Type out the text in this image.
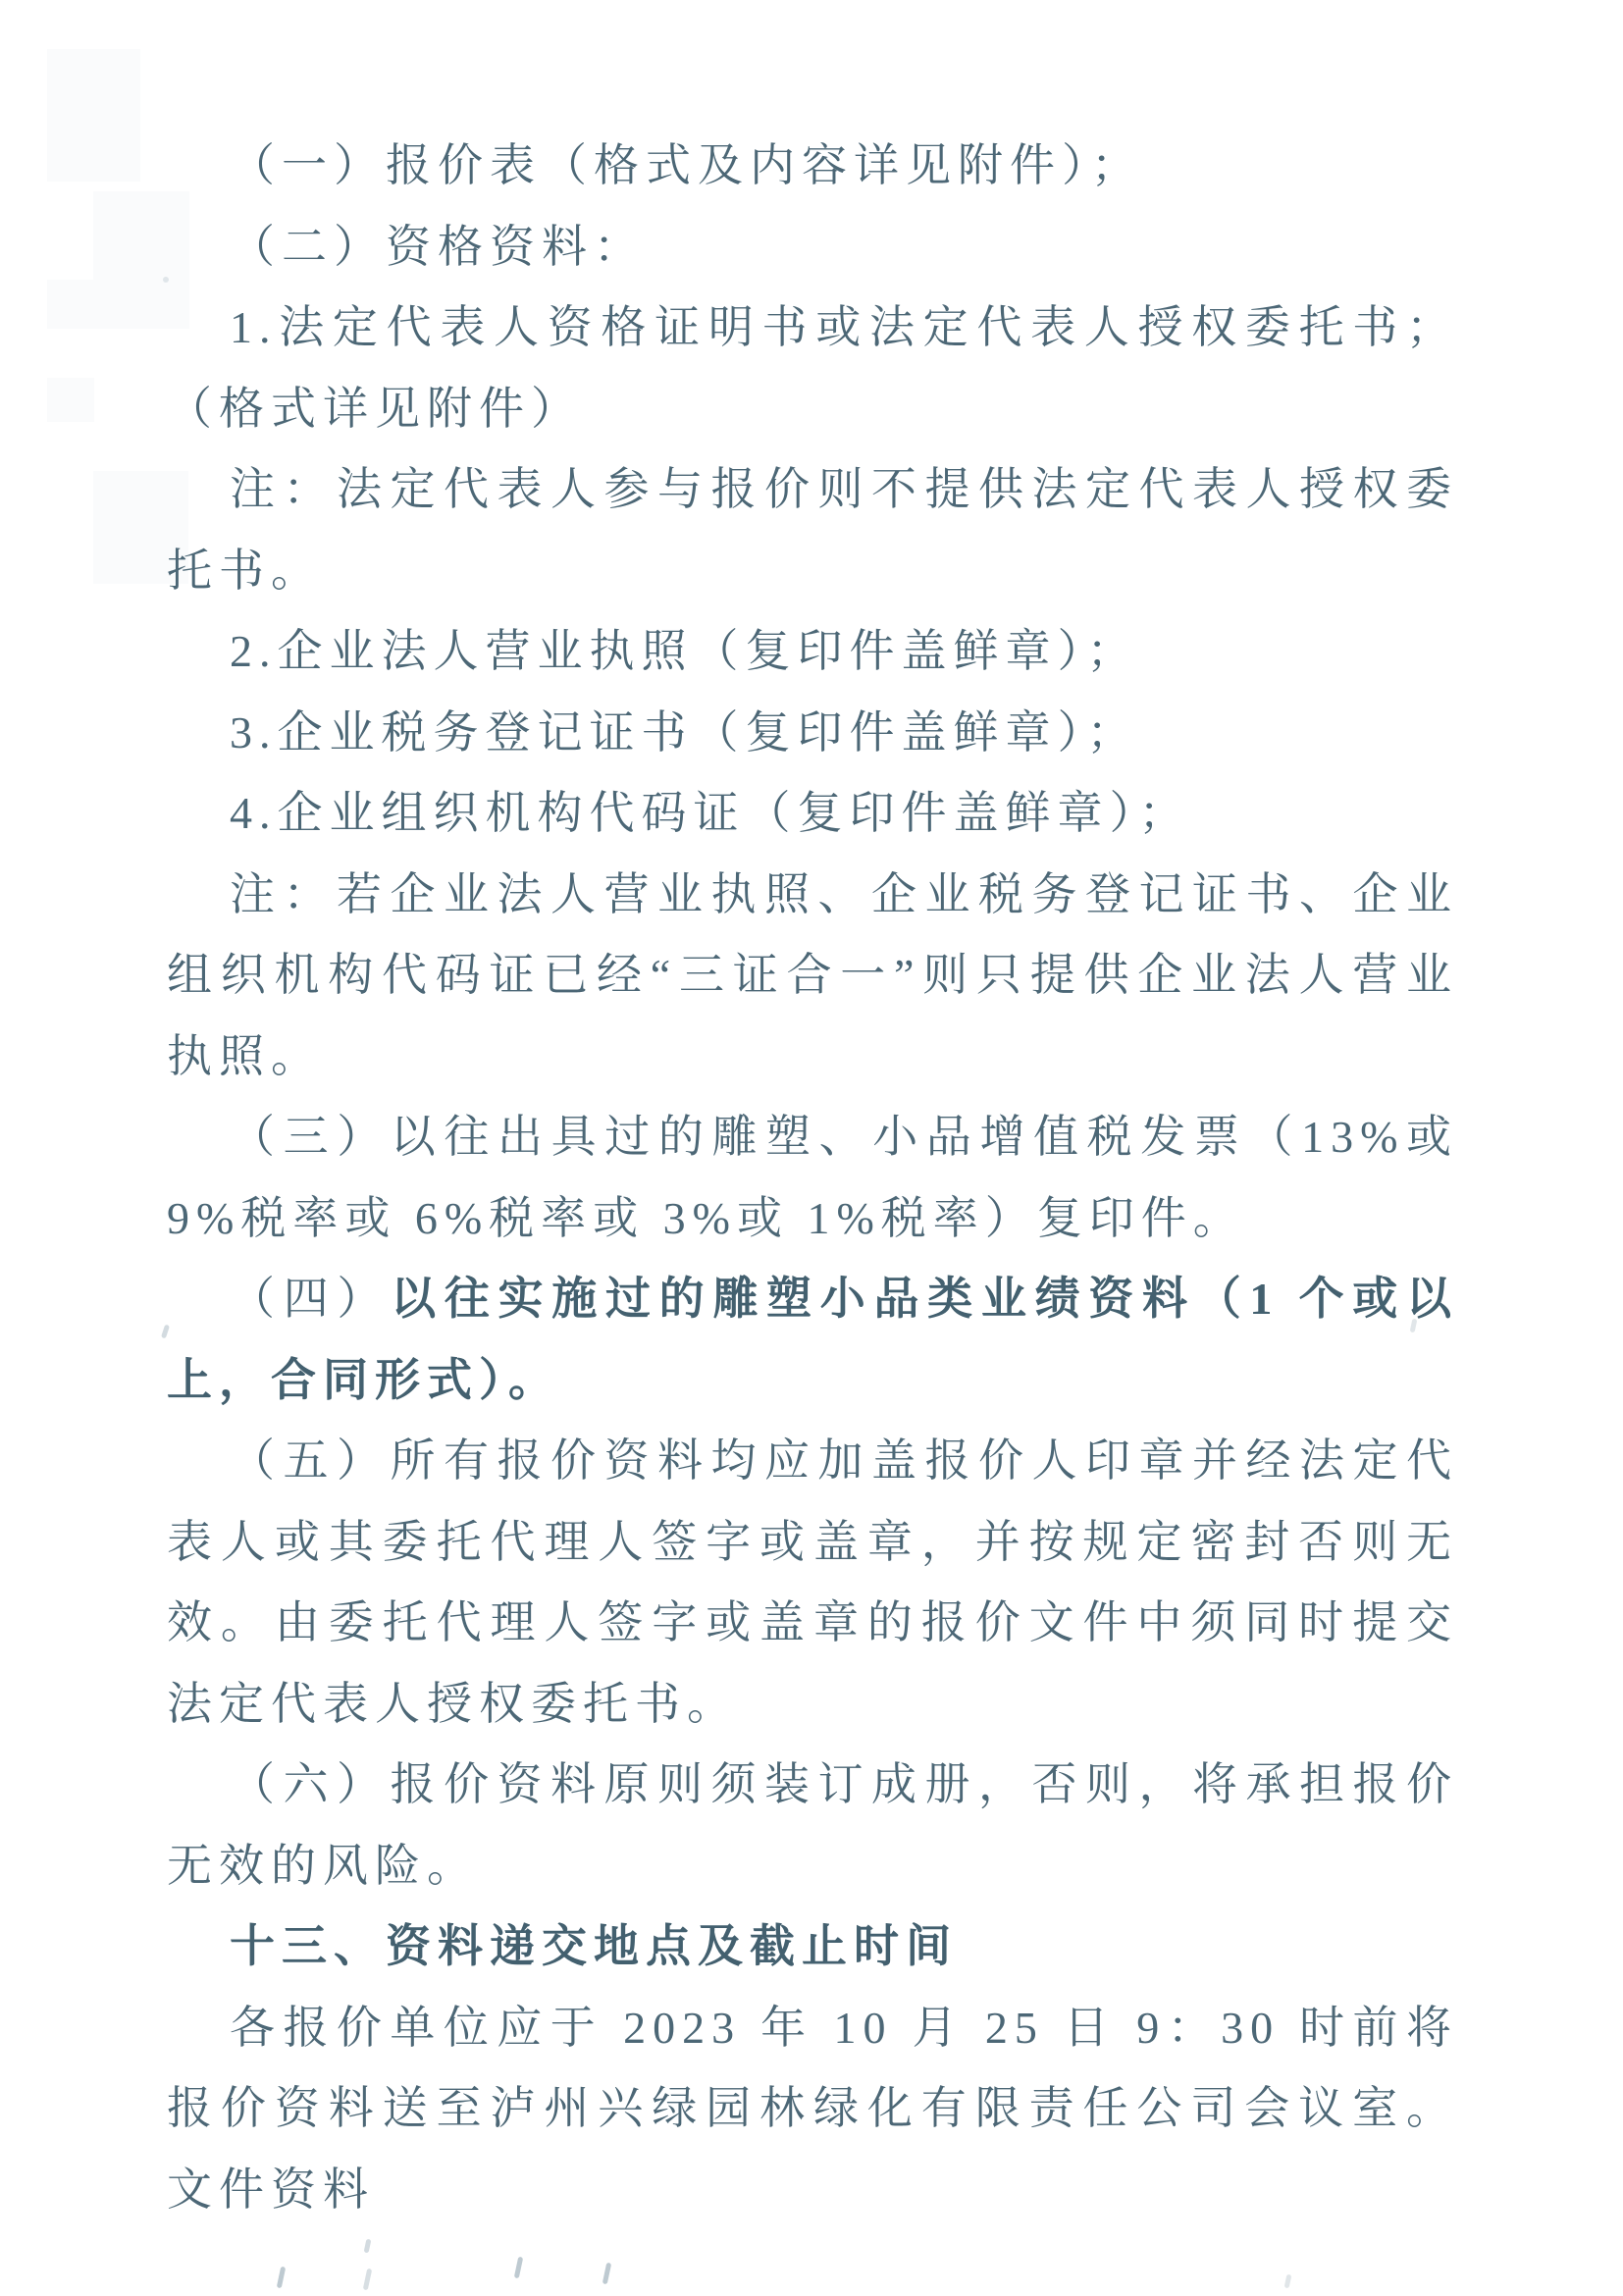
（一）报价表（格式及内容详见附件）；

（二）资格资料：

1.法定代表人资格证明书或法定代表人授权委托书；（格式详见附件）

注：法定代表人参与报价则不提供法定代表人授权委托书。

2.企业法人营业执照（复印件盖鲜章）；

3.企业税务登记证书（复印件盖鲜章）；

4.企业组织机构代码证（复印件盖鲜章）；

注：若企业法人营业执照、企业税务登记证书、企业组织机构代码证已经“三证合一”则只提供企业法人营业执照。

（三）以往出具过的雕塑、小品增值税发票（13%或 9%税率或 6%税率或 3%或 1%税率）复印件。

（四）以往实施过的雕塑小品类业绩资料（1 个或以上，合同形式）。

（五）所有报价资料均应加盖报价人印章并经法定代表人或其委托代理人签字或盖章，并按规定密封否则无效。由委托代理人签字或盖章的报价文件中须同时提交法定代表人授权委托书。

（六）报价资料原则须装订成册，否则，将承担报价无效的风险。

十三、资料递交地点及截止时间

各报价单位应于 2023 年 10 月 25 日 9：30 时前将报价资料送至泸州兴绿园林绿化有限责任公司会议室。文件资料
